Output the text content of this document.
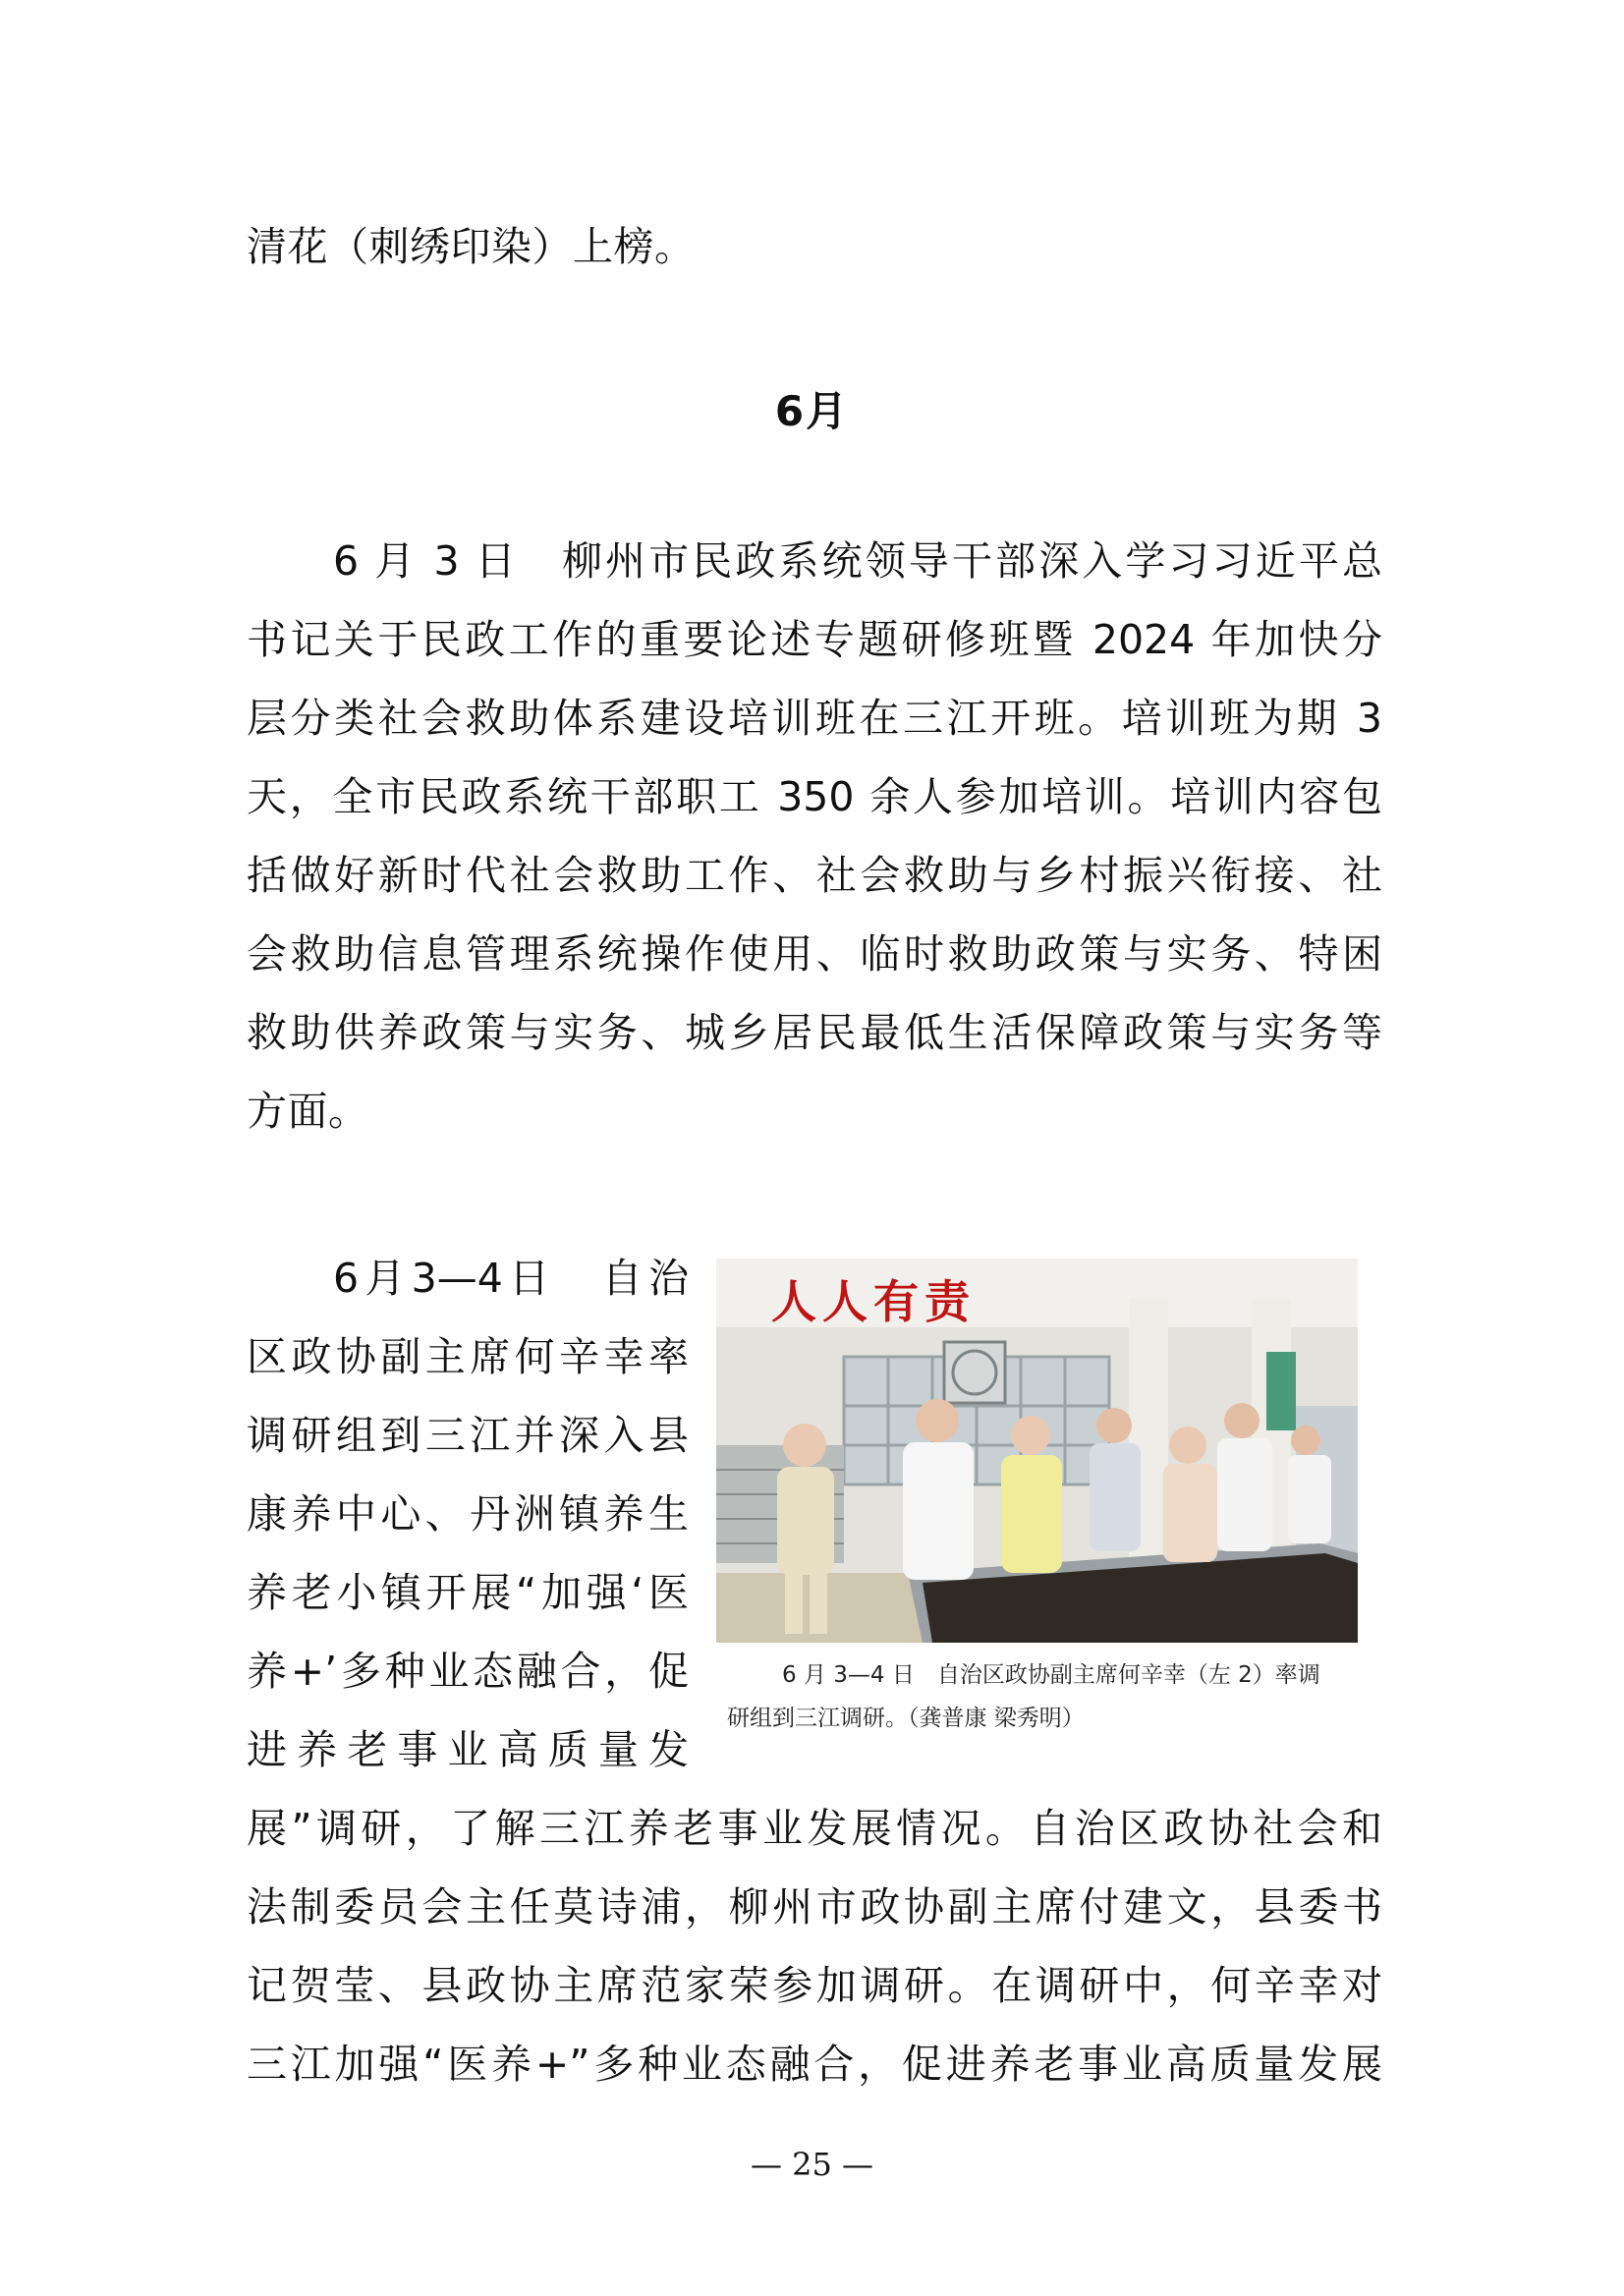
清花（刺绣印染）上榜。
6月
6 月 3 日　柳州市民政系统领导干部深入学习习近平总
书记关于民政工作的重要论述专题研修班暨 2024 年加快分
层分类社会救助体系建设培训班在三江开班。培训班为期 3
天，全市民政系统干部职工 350 余人参加培训。培训内容包
括做好新时代社会救助工作、社会救助与乡村振兴衔接、社
会救助信息管理系统操作使用、临时救助政策与实务、特困
救助供养政策与实务、城乡居民最低生活保障政策与实务等
方面。
6月3—4日　自治
区政协副主席何辛幸率
调研组到三江并深入县
康养中心、丹洲镇养生
养老小镇开展“加强‘医
养+’多种业态融合，促
进养老事业高质量发
展”调研，了解三江养老事业发展情况。自治区政协社会和
法制委员会主任莫诗浦，柳州市政协副主席付建文，县委书
记贺莹、县政协主席范家荣参加调研。在调研中，何辛幸对
三江加强“医养+”多种业态融合，促进养老事业高质量发展
人人有责
6 月 3—4 日　自治区政协副主席何辛幸（左 2）率调
研组到三江调研。（龚普康 梁秀明）
— 25 —
